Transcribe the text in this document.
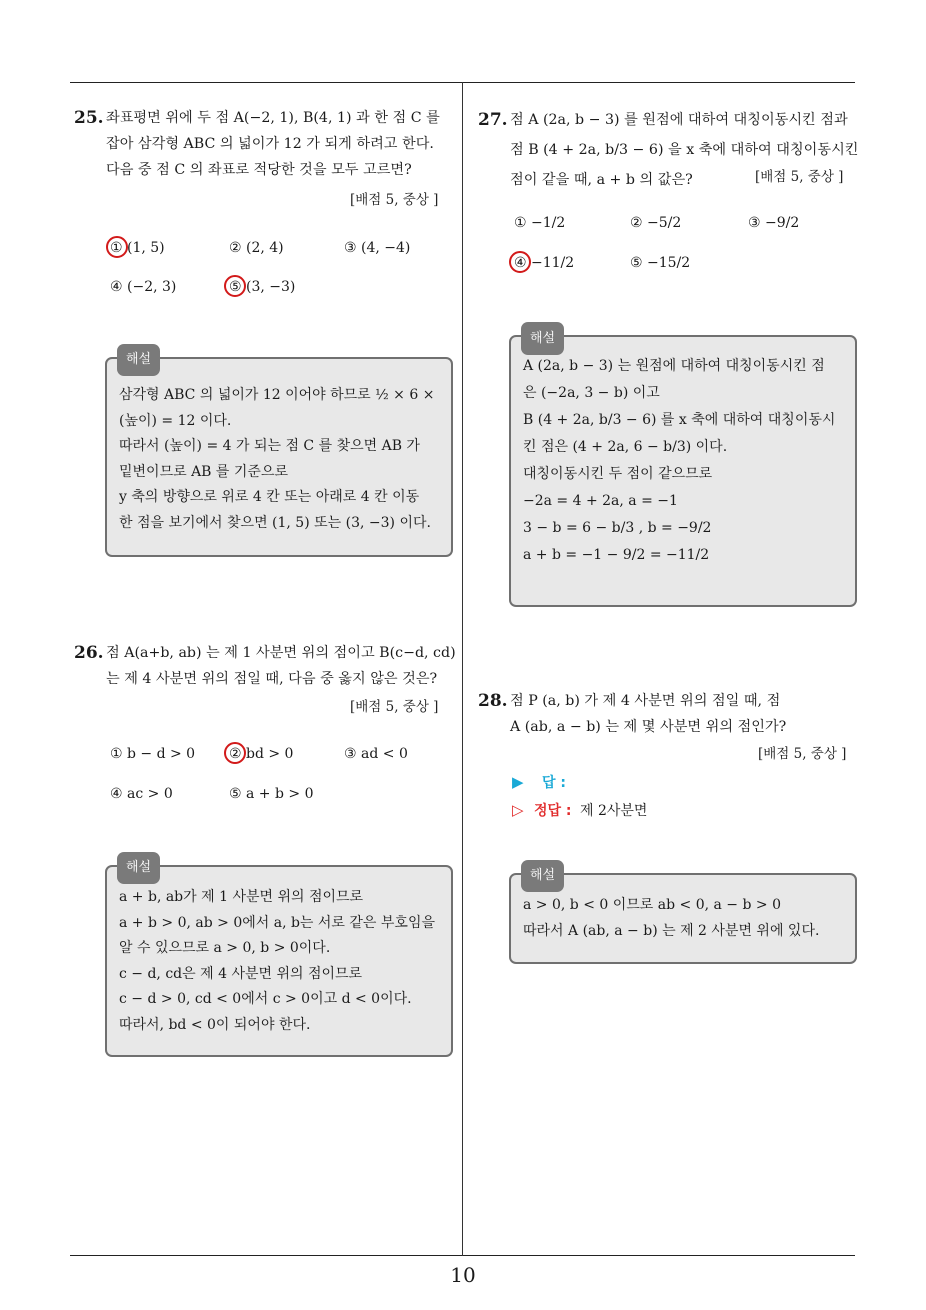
10
25. 좌표평면 위에 두 점 A(−2, 1), B(4, 1) 과 한 점 C 를
잡아 삼각형 ABC 의 넓이가 12 가 되게 하려고 한다.
다음 중 점 C 의 좌표로 적당한 것을 모두 고르면?
[배점 5, 중상 ]
① (1, 5)	② (2, 4)	③ (4, −4)
④ (−2, 3)	⑤ (3, −3)
해설
삼각형 ABC 의 넓이가 12 이어야 하므로 ½ × 6 ×
(높이) = 12 이다.
따라서 (높이) = 4 가 되는 점 C 를 찾으면 AB 가
밑변이므로 AB 를 기준으로
y 축의 방향으로 위로 4 칸 또는 아래로 4 칸 이동
한 점을 보기에서 찾으면 (1, 5) 또는 (3, −3) 이다.
26. 점 A(a+b, ab) 는 제 1 사분면 위의 점이고 B(c−d, cd)
는 제 4 사분면 위의 점일 때, 다음 중 옳지 않은 것은?
[배점 5, 중상 ]
① b − d > 0 ② bd > 0	③ ad < 0
④ ac > 0	⑤ a + b > 0
해설
a + b, ab가 제 1 사분면 위의 점이므로
a + b > 0, ab > 0에서 a, b는 서로 같은 부호임을
알 수 있으므로 a > 0, b > 0이다.
c − d, cd은 제 4 사분면 위의 점이므로
c − d > 0, cd < 0에서 c > 0이고 d < 0이다.
따라서, bd < 0이 되어야 한다.
27. 점 A (2a, b − 3) 를 원점에 대하여 대칭이동시킨 점과
점 B (4 + 2a, b/3 − 6) 을 x 축에 대하여 대칭이동시킨
점이 같을 때, a + b 의 값은?	[배점 5, 중상 ]
① −1/2	② −5/2	③ −9/2
④ −11/2	⑤ −15/2
해설
A (2a, b − 3) 는 원점에 대하여 대칭이동시킨 점
은 (−2a, 3 − b) 이고
B (4 + 2a, b/3 − 6) 를 x 축에 대하여 대칭이동시
킨 점은 (4 + 2a, 6 − b/3) 이다.
대칭이동시킨 두 점이 같으므로
−2a = 4 + 2a, a = −1
3 − b = 6 − b/3 , b = −9/2
a + b = −1 − 9/2 = −11/2
28. 점 P (a, b) 가 제 4 사분면 위의 점일 때, 점
A (ab, a − b) 는 제 몇 사분면 위의 점인가?
[배점 5, 중상 ]
▶ 답 :
▷ 정답 : 제 2사분면
해설
a > 0, b < 0 이므로 ab < 0, a − b > 0
따라서 A (ab, a − b) 는 제 2 사분면 위에 있다.
